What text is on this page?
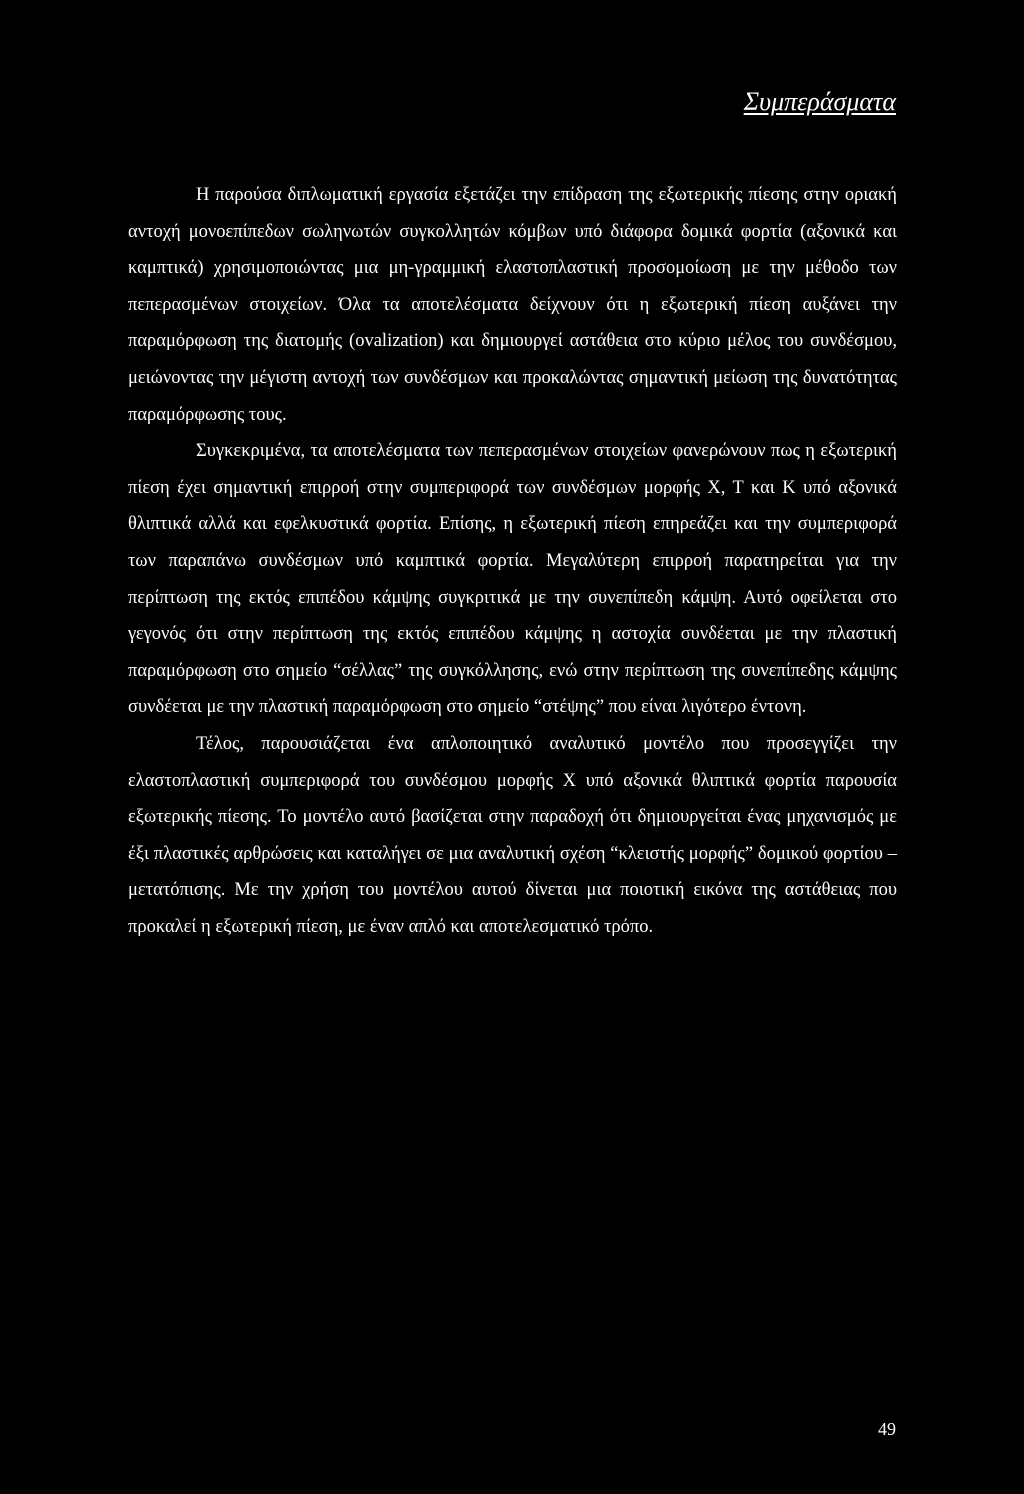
Συμπεράσματα

Η παρούσα διπλωματική εργασία εξετάζει την επίδραση της εξωτερικής πίεσης στην οριακή αντοχή μονοεπίπεδων σωληνωτών συγκολλητών κόμβων υπό διάφορα δομικά φορτία (αξονικά και καμπτικά) χρησιμοποιώντας μια μη-γραμμική ελαστοπλαστική προσομοίωση με την μέθοδο των πεπερασμένων στοιχείων. Όλα τα αποτελέσματα δείχνουν ότι η εξωτερική πίεση αυξάνει την παραμόρφωση της διατομής (ovalization) και δημιουργεί αστάθεια στο κύριο μέλος του συνδέσμου, μειώνοντας την μέγιστη αντοχή των συνδέσμων και προκαλώντας σημαντική μείωση της δυνατότητας παραμόρφωσης τους.

Συγκεκριμένα, τα αποτελέσματα των πεπερασμένων στοιχείων φανερώνουν πως η εξωτερική πίεση έχει σημαντική επιρροή στην συμπεριφορά των συνδέσμων μορφής Χ, Τ και Κ υπό αξονικά θλιπτικά αλλά και εφελκυστικά φορτία. Επίσης, η εξωτερική πίεση επηρεάζει και την συμπεριφορά των παραπάνω συνδέσμων υπό καμπτικά φορτία. Μεγαλύτερη επιρροή παρατηρείται για την περίπτωση της εκτός επιπέδου κάμψης συγκριτικά με την συνεπίπεδη κάμψη. Αυτό οφείλεται στο γεγονός ότι στην περίπτωση της εκτός επιπέδου κάμψης η αστοχία συνδέεται με την πλαστική παραμόρφωση στο σημείο “σέλλας” της συγκόλλησης, ενώ στην περίπτωση της συνεπίπεδης κάμψης συνδέεται με την πλαστική παραμόρφωση στο σημείο “στέψης” που είναι λιγότερο έντονη.

Τέλος, παρουσιάζεται ένα απλοποιητικό αναλυτικό μοντέλο που προσεγγίζει την ελαστοπλαστική συμπεριφορά του συνδέσμου μορφής Χ υπό αξονικά θλιπτικά φορτία παρουσία εξωτερικής πίεσης. Το μοντέλο αυτό βασίζεται στην παραδοχή ότι δημιουργείται ένας μηχανισμός με έξι πλαστικές αρθρώσεις και καταλήγει σε μια αναλυτική σχέση “κλειστής μορφής” δομικού φορτίου – μετατόπισης. Με την χρήση του μοντέλου αυτού δίνεται μια ποιοτική εικόνα της αστάθειας που προκαλεί η εξωτερική πίεση, με έναν απλό και αποτελεσματικό τρόπο.

49
